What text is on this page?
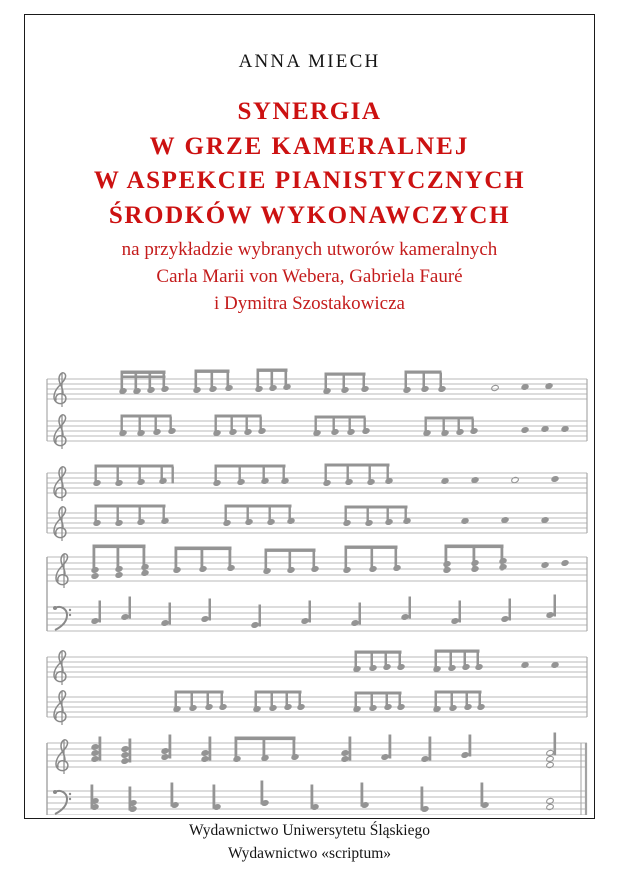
ANNA MIECH
SYNERGIA
W GRZE KAMERALNEJ
W ASPEKCIE PIANISTYCZNYCH
ŚRODKÓW WYKONAWCZYCH
na przykładzie wybranych utworów kameralnych
Carla Marii von Webera, Gabriela Fauré
i Dymitra Szostakowicza
Wydawnictwo Uniwersytetu Śląskiego
Wydawnictwo «scriptum»
